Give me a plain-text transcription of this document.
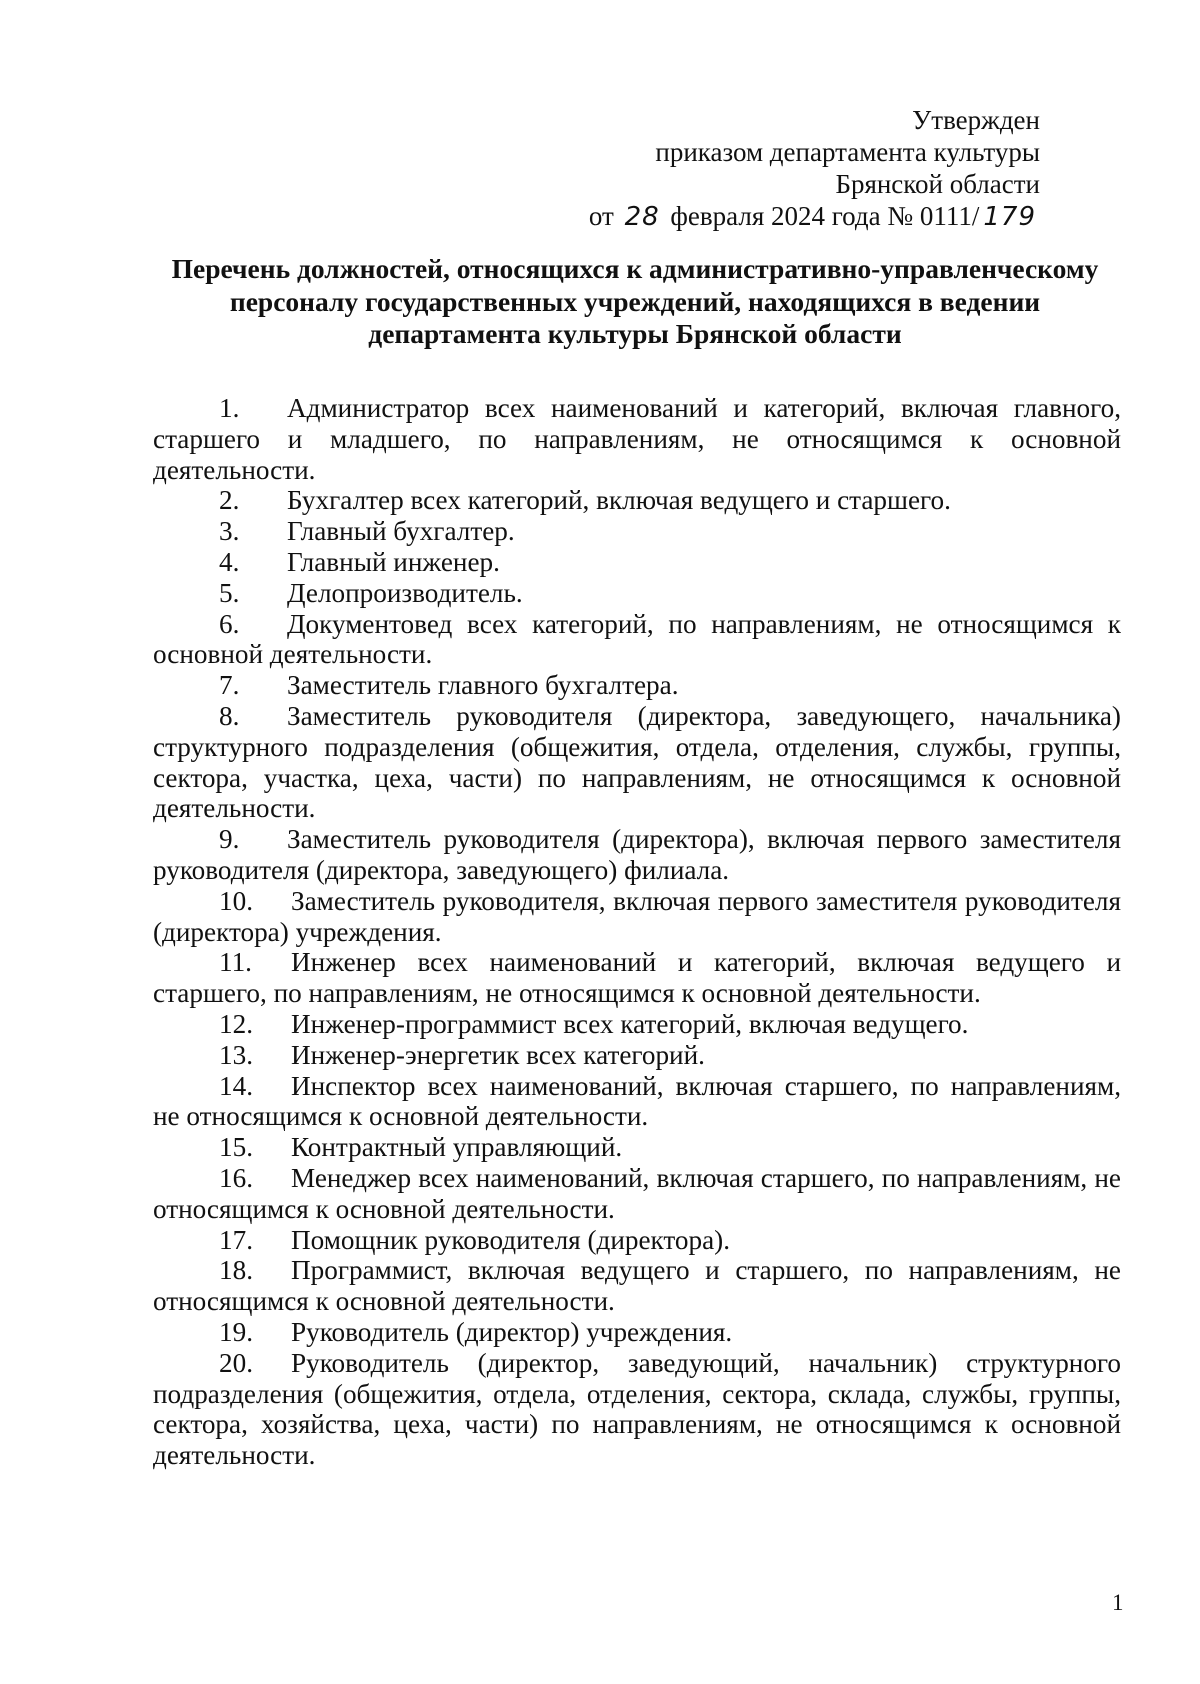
Утвержден
приказом департамента культуры
Брянской области
от 28 февраля 2024 года № 0111/ 179
Перечень должностей, относящихся к административно-управленческому
персоналу государственных учреждений, находящихся в ведении
департамента культуры Брянской области

1. Администратор всех наименований и категорий, включая главного, старшего и младшего, по направлениям, не относящимся к основной деятельности.

2. Бухгалтер всех категорий, включая ведущего и старшего.

3. Главный бухгалтер.

4. Главный инженер.

5. Делопроизводитель.

6. Документовед всех категорий, по направлениям, не относящимся к основной деятельности.

7. Заместитель главного бухгалтера.

8. Заместитель руководителя (директора, заведующего, начальника) структурного подразделения (общежития, отдела, отделения, службы, группы, сектора, участка, цеха, части) по направлениям, не относящимся к основной деятельности.

9. Заместитель руководителя (директора), включая первого заместителя руководителя (директора, заведующего) филиала.

10. Заместитель руководителя, включая первого заместителя руководителя (директора) учреждения.

11. Инженер всех наименований и категорий, включая ведущего и старшего, по направлениям, не относящимся к основной деятельности.

12. Инженер-программист всех категорий, включая ведущего.

13. Инженер-энергетик всех категорий.

14. Инспектор всех наименований, включая старшего, по направлениям, не относящимся к основной деятельности.

15. Контрактный управляющий.

16. Менеджер всех наименований, включая старшего, по направлениям, не относящимся к основной деятельности.

17. Помощник руководителя (директора).

18. Программист, включая ведущего и старшего, по направлениям, не относящимся к основной деятельности.

19. Руководитель (директор) учреждения.

20. Руководитель (директор, заведующий, начальник) структурного подразделения (общежития, отдела, отделения, сектора, склада, службы, группы, сектора, хозяйства, цеха, части) по направлениям, не относящимся к основной деятельности.

1
